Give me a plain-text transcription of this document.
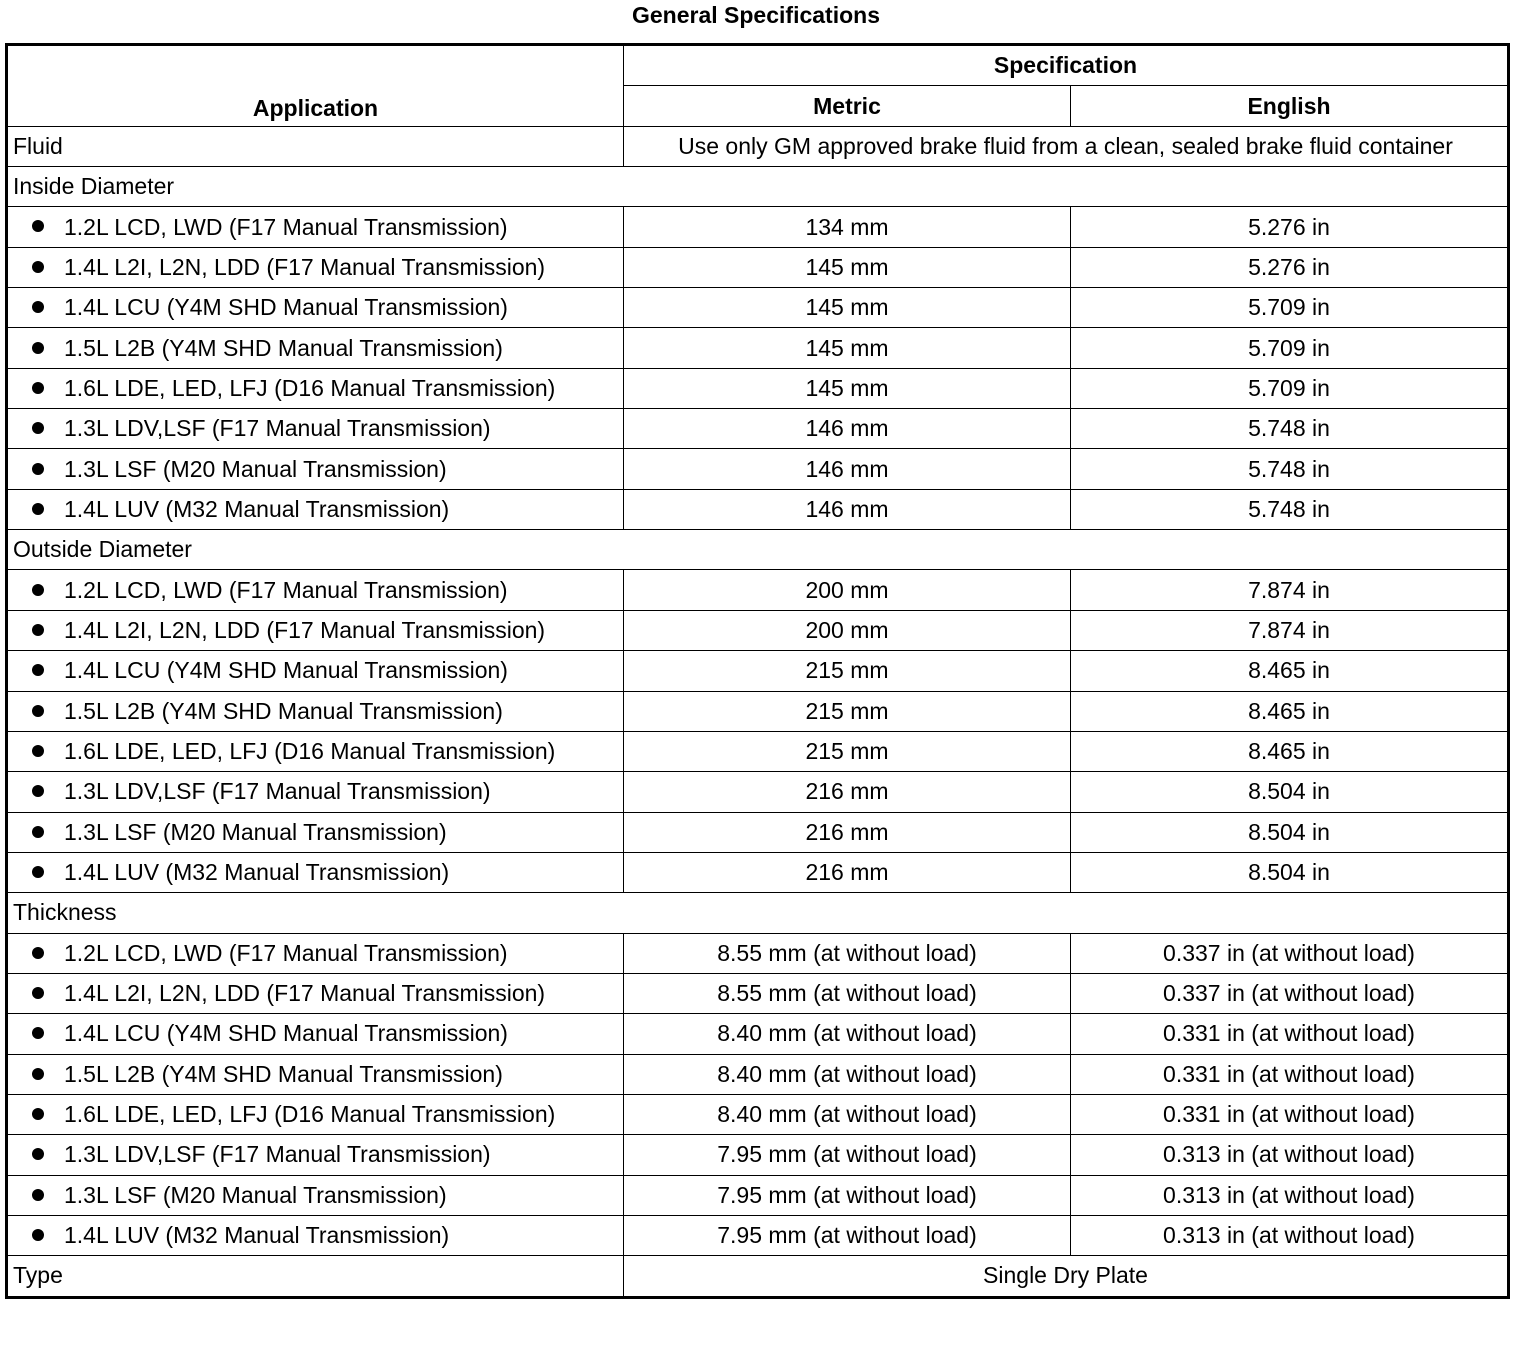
General Specifications
Application	Specification	
	Metric	English
Fluid	Use only GM approved brake fluid from a clean, sealed brake fluid container	
Inside Diameter		
1.2L LCD, LWD (F17 Manual Transmission)	134 mm	5.276 in
1.4L L2I, L2N, LDD (F17 Manual Transmission)	145 mm	5.276 in
1.4L LCU (Y4M SHD Manual Transmission)	145 mm	5.709 in
1.5L L2B (Y4M SHD Manual Transmission)	145 mm	5.709 in
1.6L LDE, LED, LFJ (D16 Manual Transmission)	145 mm	5.709 in
1.3L LDV,LSF (F17 Manual Transmission)	146 mm	5.748 in
1.3L LSF (M20 Manual Transmission)	146 mm	5.748 in
1.4L LUV (M32 Manual Transmission)	146 mm	5.748 in
Outside Diameter		
1.2L LCD, LWD (F17 Manual Transmission)	200 mm	7.874 in
1.4L L2I, L2N, LDD (F17 Manual Transmission)	200 mm	7.874 in
1.4L LCU (Y4M SHD Manual Transmission)	215 mm	8.465 in
1.5L L2B (Y4M SHD Manual Transmission)	215 mm	8.465 in
1.6L LDE, LED, LFJ (D16 Manual Transmission)	215 mm	8.465 in
1.3L LDV,LSF (F17 Manual Transmission)	216 mm	8.504 in
1.3L LSF (M20 Manual Transmission)	216 mm	8.504 in
1.4L LUV (M32 Manual Transmission)	216 mm	8.504 in
Thickness		
1.2L LCD, LWD (F17 Manual Transmission)	8.55 mm (at without load)	0.337 in (at without load)
1.4L L2I, L2N, LDD (F17 Manual Transmission)	8.55 mm (at without load)	0.337 in (at without load)
1.4L LCU (Y4M SHD Manual Transmission)	8.40 mm (at without load)	0.331 in (at without load)
1.5L L2B (Y4M SHD Manual Transmission)	8.40 mm (at without load)	0.331 in (at without load)
1.6L LDE, LED, LFJ (D16 Manual Transmission)	8.40 mm (at without load)	0.331 in (at without load)
1.3L LDV,LSF (F17 Manual Transmission)	7.95 mm (at without load)	0.313 in (at without load)
1.3L LSF (M20 Manual Transmission)	7.95 mm (at without load)	0.313 in (at without load)
1.4L LUV (M32 Manual Transmission)	7.95 mm (at without load)	0.313 in (at without load)
Type	Single Dry Plate	
